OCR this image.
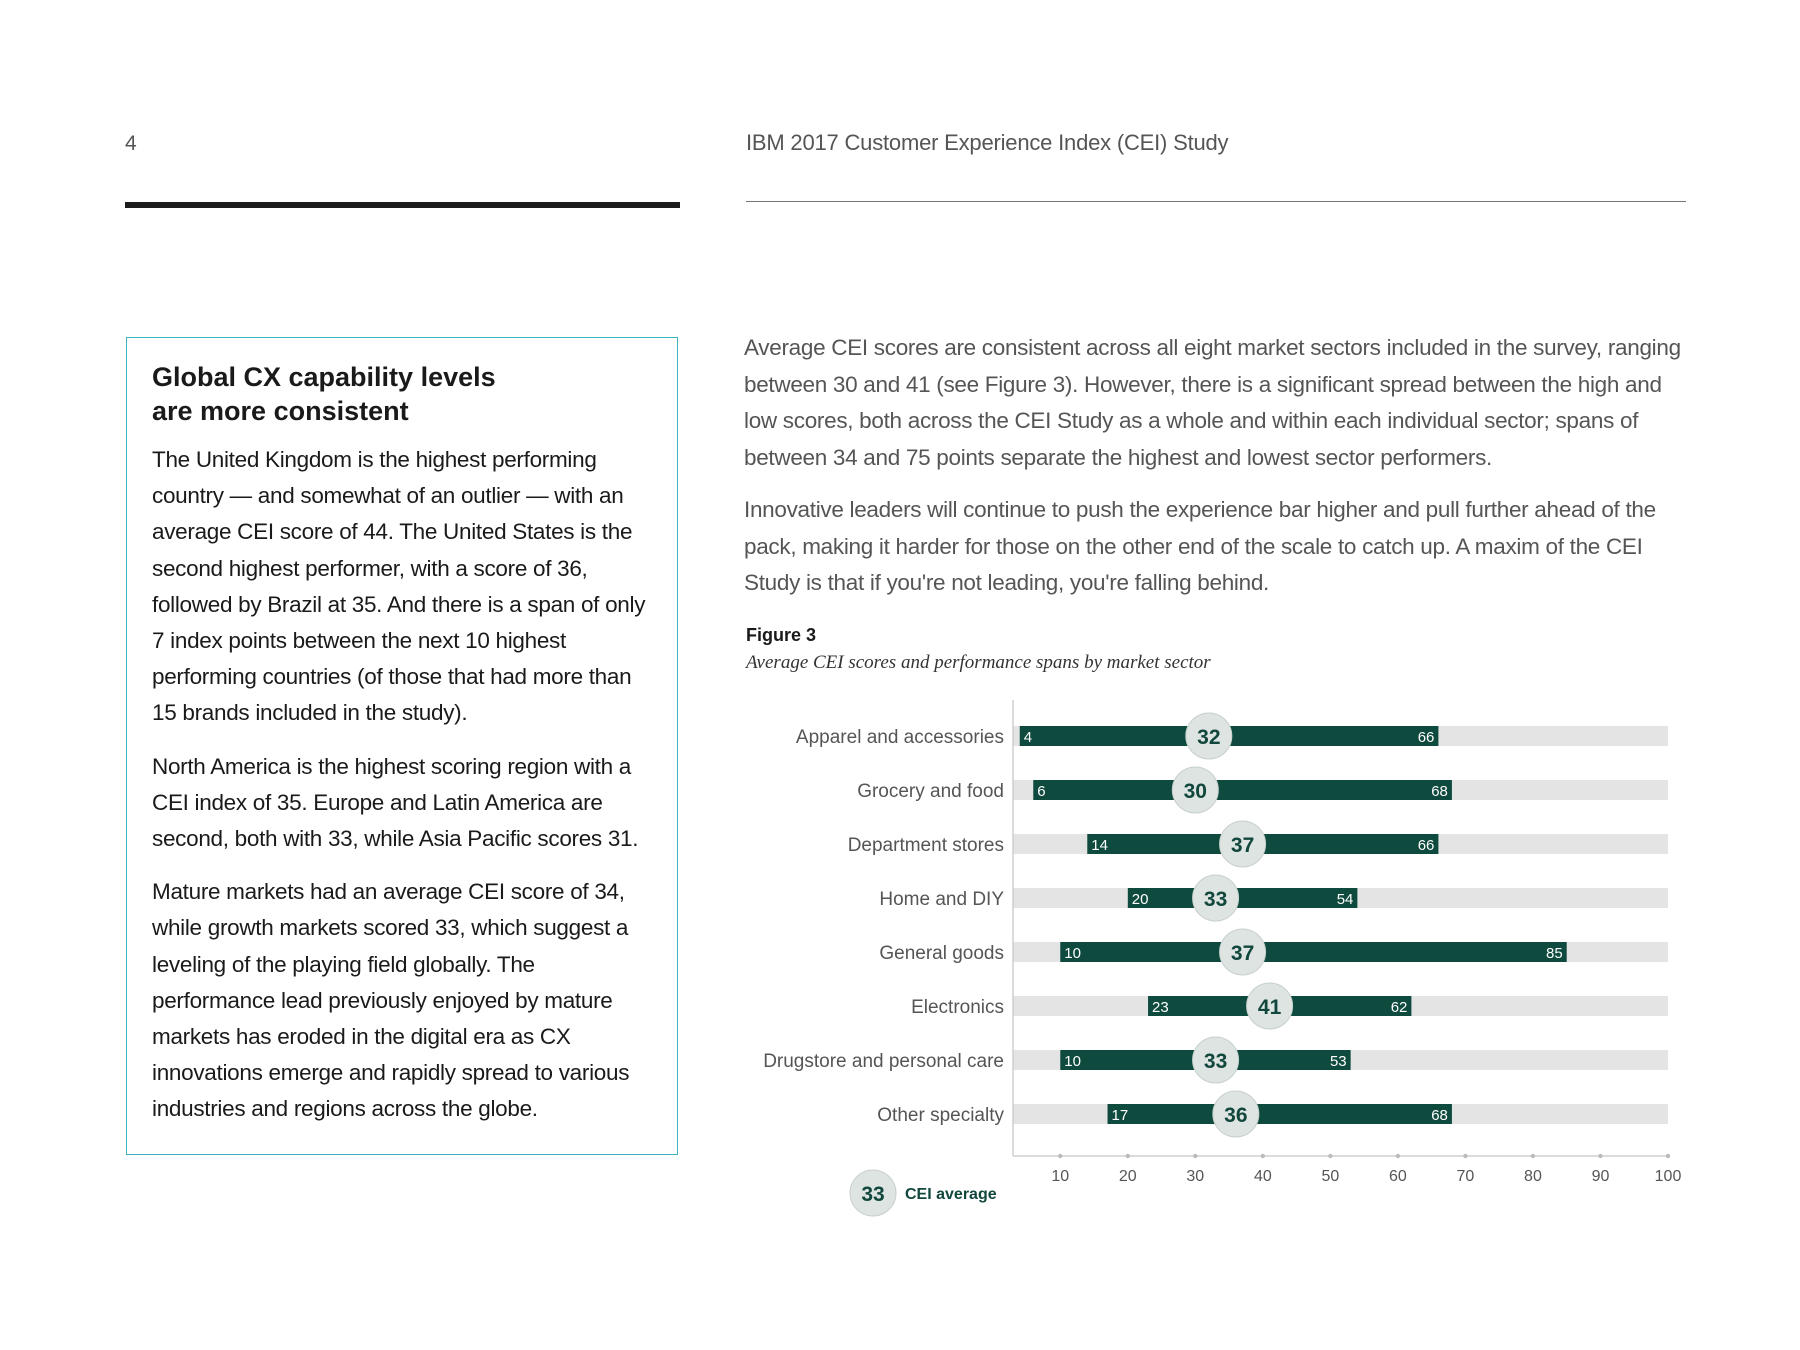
4	IBM 2017 Customer Experience Index (CEI) Study
Global CX capability levels
are more consistent

The United Kingdom is the highest performing country — and somewhat of an outlier — with an average CEI score of 44. The United States is the second highest performer, with a score of 36, followed by Brazil at 35. And there is a span of only 7 index points between the next 10 highest performing countries (of those that had more than 15 brands included in the study).

North America is the highest scoring region with a CEI index of 35. Europe and Latin America are second, both with 33, while Asia Pacific scores 31.

Mature markets had an average CEI score of 34, while growth markets scored 33, which suggest a leveling of the playing field globally. The performance lead previously enjoyed by mature markets has eroded in the digital era as CX innovations emerge and rapidly spread to various industries and regions across the globe.

Average CEI scores are consistent across all eight market sectors included in the survey, ranging between 30 and 41 (see Figure 3). However, there is a significant spread between the high and low scores, both across the CEI Study as a whole and within each individual sector; spans of between 34 and 75 points separate the highest and lowest sector performers.

Innovative leaders will continue to push the experience bar higher and pull further ahead of the pack, making it harder for those on the other end of the scale to catch up. A maxim of the CEI Study is that if you're not leading, you're falling behind.

Figure 3
Average CEI scores and performance spans by market sector
Apparel and accessories 4	66
32
Grocery and food 6	68
30
Department stores	14	66
37
Home and DIY	20	54
33
General goods	10	85
37
Electronics	23	62
41
Drugstore and personal care	10	53
33
Other specialty	17	68
36
10	20	30	40	50	60	70	80	90	100
33 CEI average
